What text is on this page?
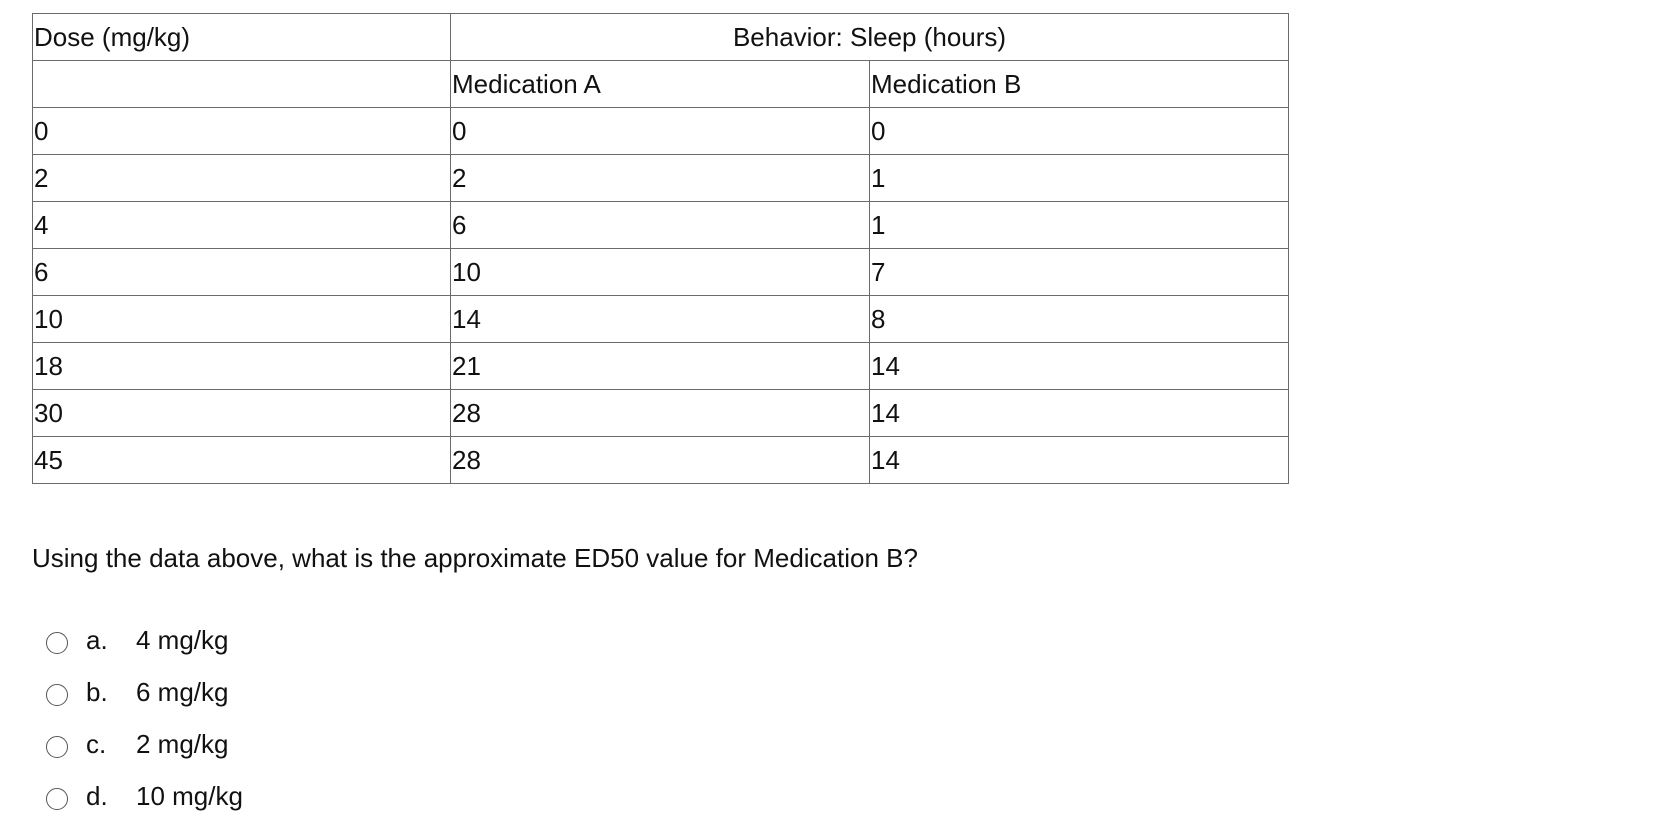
Dose (mg/kg)	Behavior: Sleep (hours)	
	Medication A	Medication B
0	0	0
2	2	1
4	6	1
6	10	7
10	14	8
18	21	14
30	28	14
45	28	14
Using the data above, what is the approximate ED50 value for Medication B?
a.	4 mg/kg
b.	6 mg/kg
c.	2 mg/kg
d.	10 mg/kg
